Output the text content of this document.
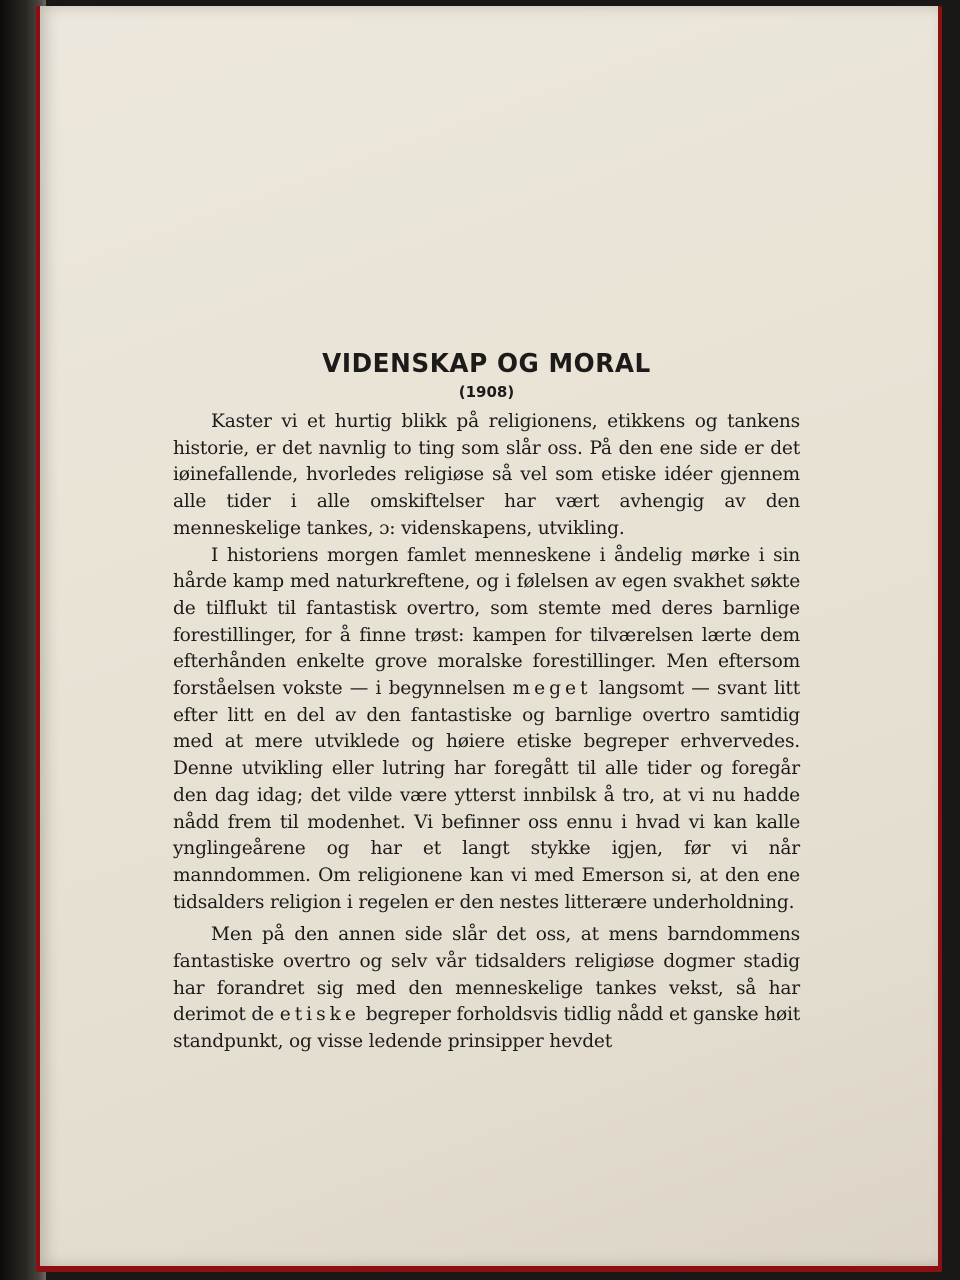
VIDENSKAP OG MORAL
(1908)

Kaster vi et hurtig blikk på religionens, etikkens og tankens historie, er det navnlig to ting som slår oss. På den ene side er det iøinefallende, hvorledes religiøse så vel som etiske idéer gjennem alle tider i alle omskiftelser har vært avhengig av den menneskelige tankes, ɔ: videnskapens, utvikling.

I historiens morgen famlet menneskene i åndelig mørke i sin hårde kamp med naturkreftene, og i følelsen av egen svakhet søkte de tilflukt til fantastisk overtro, som stemte med deres barnlige forestillinger, for å finne trøst: kampen for tilværelsen lærte dem efterhånden enkelte grove moralske forestillinger. Men eftersom forståelsen vokste — i begynnelsen meget langsomt — svant litt efter litt en del av den fantastiske og barnlige overtro samtidig med at mere utviklede og høiere etiske begreper erhvervedes. Denne utvikling eller lutring har foregått til alle tider og foregår den dag idag; det vilde være ytterst innbilsk å tro, at vi nu hadde nådd frem til modenhet. Vi befinner oss ennu i hvad vi kan kalle ynglingeårene og har et langt stykke igjen, før vi når manndommen. Om religionene kan vi med Emerson si, at den ene tidsalders religion i regelen er den nestes litterære underholdning.

Men på den annen side slår det oss, at mens barndommens fantastiske overtro og selv vår tidsalders religiøse dogmer stadig har forandret sig med den menneskelige tankes vekst, så har derimot de etiske begreper forholdsvis tidlig nådd et ganske høit standpunkt, og visse ledende prinsipper hevdet
